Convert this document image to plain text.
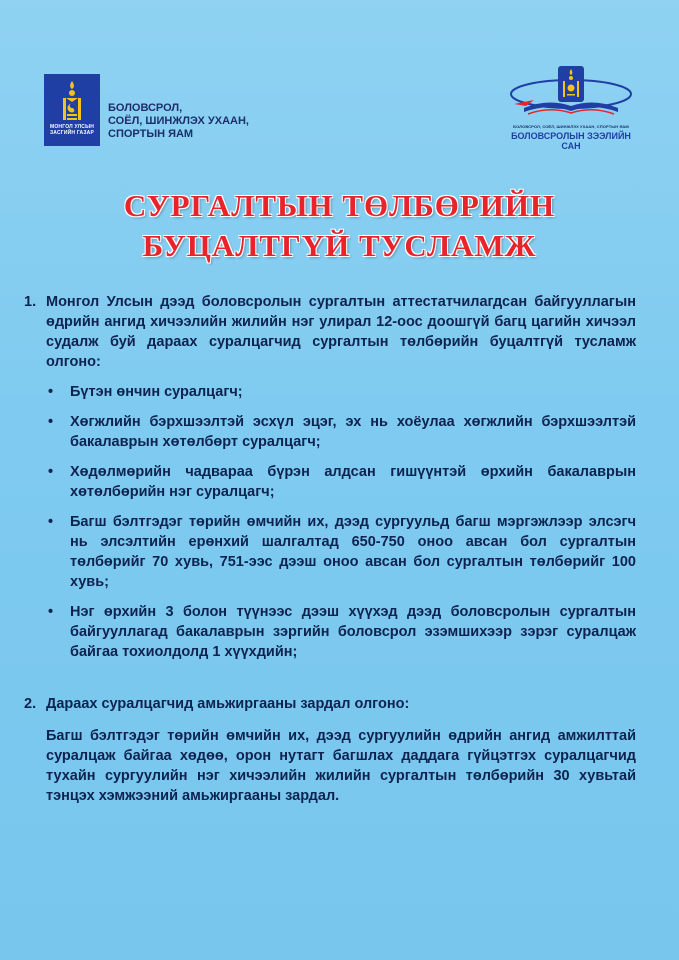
МОНГОЛ УЛСЫН ЗАСГИЙН ГАЗАР
БОЛОВСРОЛ,
СОЁЛ, ШИНЖЛЭХ УХААН,
СПОРТЫН ЯАМ
БОЛОВСРОЛ, СОЁЛ, ШИНЖЛЭХ УХААН, СПОРТЫН ЯАМ
БОЛОВСРОЛЫН ЗЭЭЛИЙН
САН
СУРГАЛТЫН ТӨЛБӨРИЙН
БУЦАЛТГҮЙ ТУСЛАМЖ
1. Монгол Улсын дээд боловсролын сургалтын аттестатчилагдсан байгууллагын өдрийн ангид хичээлийн жилийн нэг улирал 12-оос доошгүй багц цагийн хичээл судалж буй дараах суралцагчид сургалтын төлбөрийн буцалтгүй тусламж олгоно:
•	Бүтэн өнчин суралцагч;
•	Хөгжлийн бэрхшээлтэй эсхүл эцэг, эх нь хоёулаа хөгжлийн бэрхшээлтэй бакалаврын хөтөлбөрт суралцагч;
•	Хөдөлмөрийн чадвараа бүрэн алдсан гишүүнтэй өрхийн бакалаврын хөтөлбөрийн нэг суралцагч;
•	Багш бэлтгэдэг төрийн өмчийн их, дээд сургуульд багш мэргэжлээр элсэгч нь элсэлтийн ерөнхий шалгалтад 650-750 оноо авсан бол сургалтын төлбөрийг 70 хувь, 751-ээс дээш оноо авсан бол сургалтын төлбөрийг 100 хувь;
•	Нэг өрхийн 3 болон түүнээс дээш хүүхэд дээд боловсролын сургалтын байгууллагад бакалаврын зэргийн боловсрол эзэмшихээр зэрэг суралцаж байгаа тохиолдолд 1 хүүхдийн;
2. Дараах суралцагчид амьжиргааны зардал олгоно:
Багш бэлтгэдэг төрийн өмчийн их, дээд сургуулийн өдрийн ангид амжилттай суралцаж байгаа хөдөө, орон нутагт багшлах даддага гүйцэтгэх суралцагчид тухайн сургуулийн нэг хичээлийн жилийн сургалтын төлбөрийн 30 хувьтай тэнцэх хэмжээний амьжиргааны зардал.
